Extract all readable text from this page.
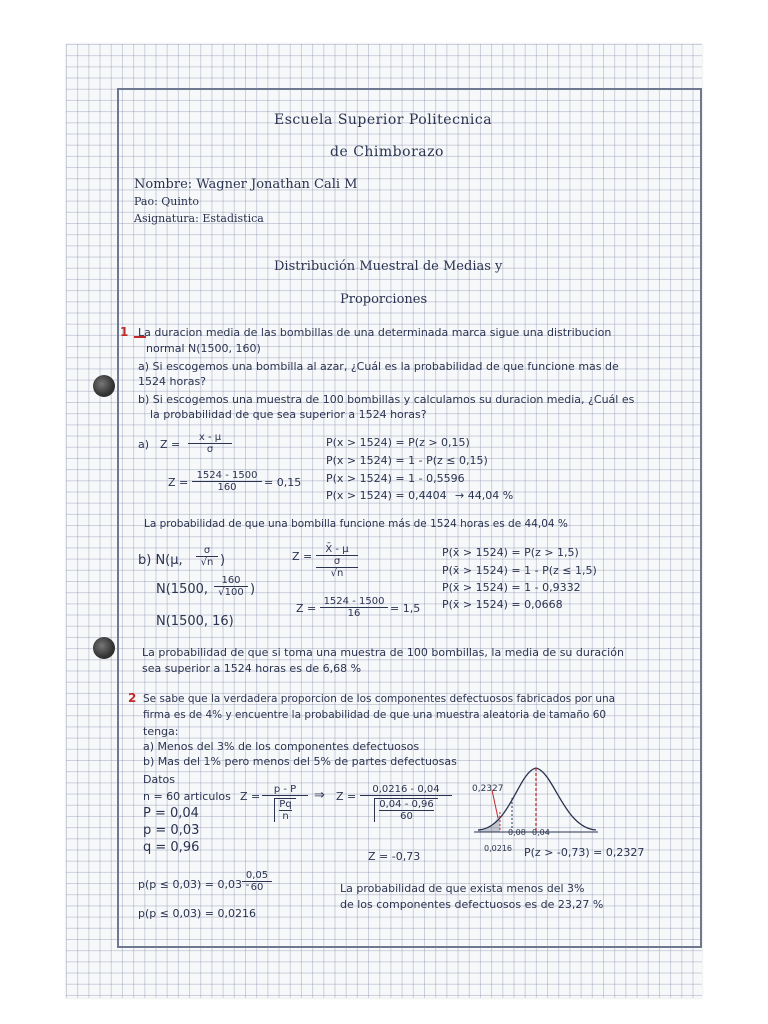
Escuela Superior Politecnica
de Chimborazo
Nombre: Wagner Jonathan Cali M
Pao: Quinto
Asignatura: Estadistica
Distribución Muestral de Medias y
Proporciones
1 La duracion media de las bombillas de una determinada marca sigue una distribucion
normal N(1500, 160)
a) Si escogemos una bombilla al azar, ¿Cuál es la probabilidad de que funcione mas de
1524 horas?
b) Si escogemos una muestra de 100 bombillas y calculamos su duracion media, ¿Cuál es
la probabilidad de que sea superior a 1524 horas?
a) $Z = \frac{x - \mu}{\sigma}$
$Z = \frac{1524 - 1500}{160} = 0,15$
P(x > 1524) = P(z > 0,15)
P(x > 1524) = 1 - P(z ≤ 0,15)
P(x > 1524) = 1 - 0,5596
P(x > 1524) = 0,4404 → 44,04 %
La probabilidad de que una bombilla funcione más de 1524 horas es de 44,04 %
b) N(μ, $\frac{\sigma}{√n}$ )
N(1500, $\frac{160}{√100}$ )
N(1500, 16)
Z =
X̄ - μ
σ
√n
$Z = \frac{1524 - 1500}{16} = 1,5$
P(x̄ > 1524) = P(z > 1,5)
P(x̄ > 1524) = 1 - P(z ≤ 1,5)
P(x̄ > 1524) = 1 - 0,9332
P(x̄ > 1524) = 0,0668
La probabilidad de que si toma una muestra de 100 bombillas, la media de su duración
sea superior a 1524 horas es de 6,68 %
2 Se sabe que la verdadera proporcion de los componentes defectuosos fabricados por una
firma es de 4% y encuentre la probabilidad de que una muestra aleatoria de tamaño 60
tenga:
a) Menos del 3% de los componentes defectuosos
b) Mas del 1% pero menos del 5% de partes defectuosas
Datos
n = 60 articulos
P = 0,04
p = 0,03
q = 0,96
$Z = \frac{p - P}{\frac{Pq}{n}}$ ⇒ $Z = \frac{0,0216 - 0,04}{\frac{0,04 - 0,96}{60}}$
Z = -0,73
0,2327
0,08 0,04
0,0216 P(z > -0,73) = 0,2327
p(p ≤ 0,03) = 0,03 -
$\frac{0,05}{60}$
p(p ≤ 0,03) = 0,0216
La probabilidad de que exista menos del 3%
de los componentes defectuosos es de 23,27 %
